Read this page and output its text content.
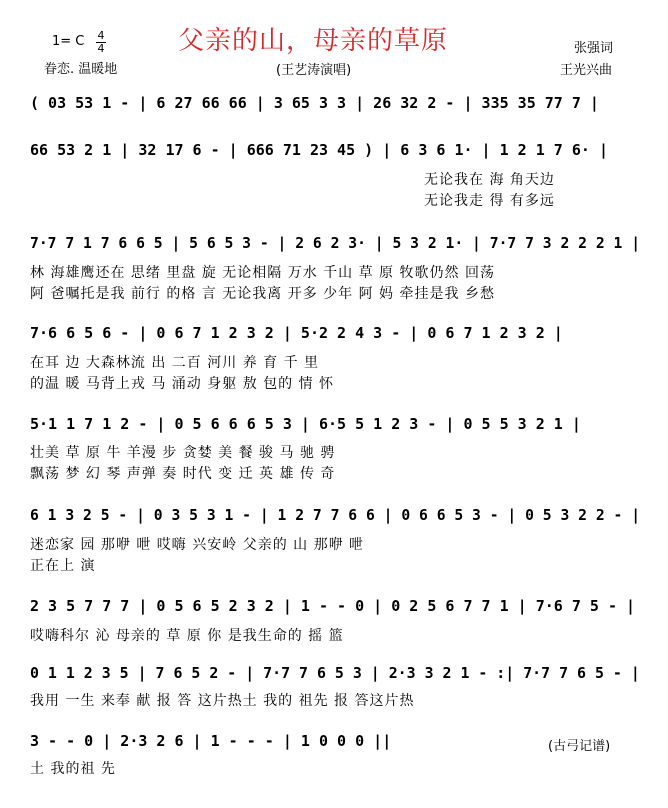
1= C 4
4	父亲的山，母亲的草原	张强词
眷恋. 温暖地	(王艺涛演唱)	王光兴曲
( 03 53 1 - | 6 27 66 66 | 3 65 3 3 | 26 32 2 - | 335 35 77 7 |
66 53 2 1 | 32 17 6 - | 666 71 23 45 ) | 6 3 6 1· | 1 2 1 7 6· |
无论我在 海 角天边
无论我走 得 有多远
7·7 7 1 7 6 6 5 | 5 6 5 3 - | 2 6 2 3· | 5 3 2 1· | 7·7 7 3 2 2 2 1 |
林 海雄鹰还在 思绪 里盘 旋 无论相隔 万水 千山 草 原 牧歌仍然 回荡
阿 爸嘱托是我 前行 的格 言 无论我离 开多 少年 阿 妈 牵挂是我 乡愁
7·6 6 5 6 - | 0 6 7 1 2 3 2 | 5·2 2 4 3 - | 0 6 7 1 2 3 2 |
在耳 边 大森林流 出 二百 河川 养 育 千 里
的温 暖 马背上戎 马 涌动 身躯 敖 包的 情 怀
5·1 1 7 1 2 - | 0 5 6 6 6 5 3 | 6·5 5 1 2 3 - | 0 5 5 3 2 1 |
壮美 草 原 牛 羊漫 步 贪婪 美 餐 骏 马 驰 骋
飘荡 梦 幻 琴 声弹 奏 时代 变 迁 英 雄 传 奇
6 1 3 2 5 - | 0 3 5 3 1 - | 1 2 7 7 6 6 | 0 6 6 5 3 - | 0 5 3 2 2 - |
迷恋家 园 那咿 呭 哎嗨 兴安岭 父亲的 山 那咿 呭
正在上 演
2 3 5 7 7 7 | 0 5 6 5 2 3 2 | 1 - - 0 | 0 2 5 6 7 7 1 | 7·6 7 5 - |
哎嗨科尔 沁 母亲的 草 原 你 是我生命的 摇 篮
0 1 1 2 3 5 | 7 6 5 2 - | 7·7 7 6 5 3 | 2·3 3 2 1 - :| 7·7 7 6 5 - |
我用 一生 来奉 献 报 答 这片热土 我的 祖先 报 答这片热
3 - - 0 | 2·3 2 6 | 1 - - - | 1 0 0 0 ||	(古弓记谱)
土 我的祖 先
